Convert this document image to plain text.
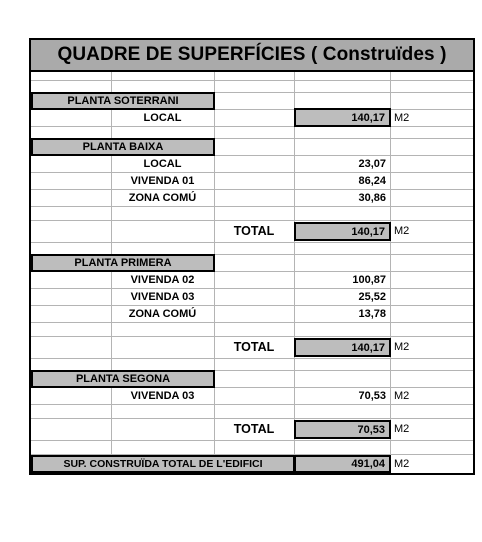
QUADRE DE SUPERFÍCIES ( Construïdes )
PLANTA SOTERRANI
LOCAL	140,17 M2
PLANTA BAIXA
LOCAL	23,07
VIVENDA 01	86,24
ZONA COMÚ	30,86
TOTAL	140,17 M2
PLANTA PRIMERA
VIVENDA 02	100,87
VIVENDA 03	25,52
ZONA COMÚ	13,78
TOTAL	140,17 M2
PLANTA SEGONA
VIVENDA 03	70,53 M2
TOTAL	70,53 M2
SUP. CONSTRUÏDA TOTAL DE L'EDIFICI	491,04 M2
